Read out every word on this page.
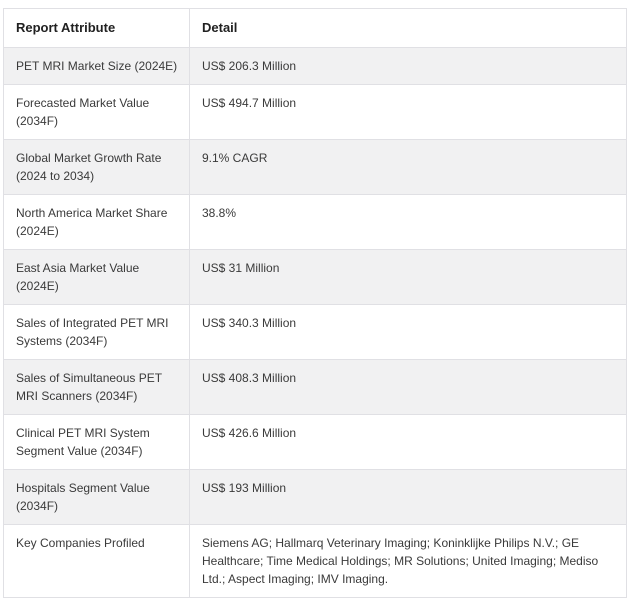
Report Attribute	Detail
PET MRI Market Size (2024E)	US$ 206.3 Million
Forecasted Market Value (2034F)	US$ 494.7 Million
Global Market Growth Rate (2024 to 2034)	9.1% CAGR
North America Market Share (2024E)	38.8%
East Asia Market Value (2024E)	US$ 31 Million
Sales of Integrated PET MRI Systems (2034F)	US$ 340.3 Million
Sales of Simultaneous PET MRI Scanners (2034F)	US$ 408.3 Million
Clinical PET MRI System Segment Value (2034F)	US$ 426.6 Million
Hospitals Segment Value (2034F)	US$ 193 Million
Key Companies Profiled	Siemens AG; Hallmarq Veterinary Imaging; Koninklijke Philips N.V.; GE Healthcare; Time Medical Holdings; MR Solutions; United Imaging; Mediso Ltd.; Aspect Imaging; IMV Imaging.
